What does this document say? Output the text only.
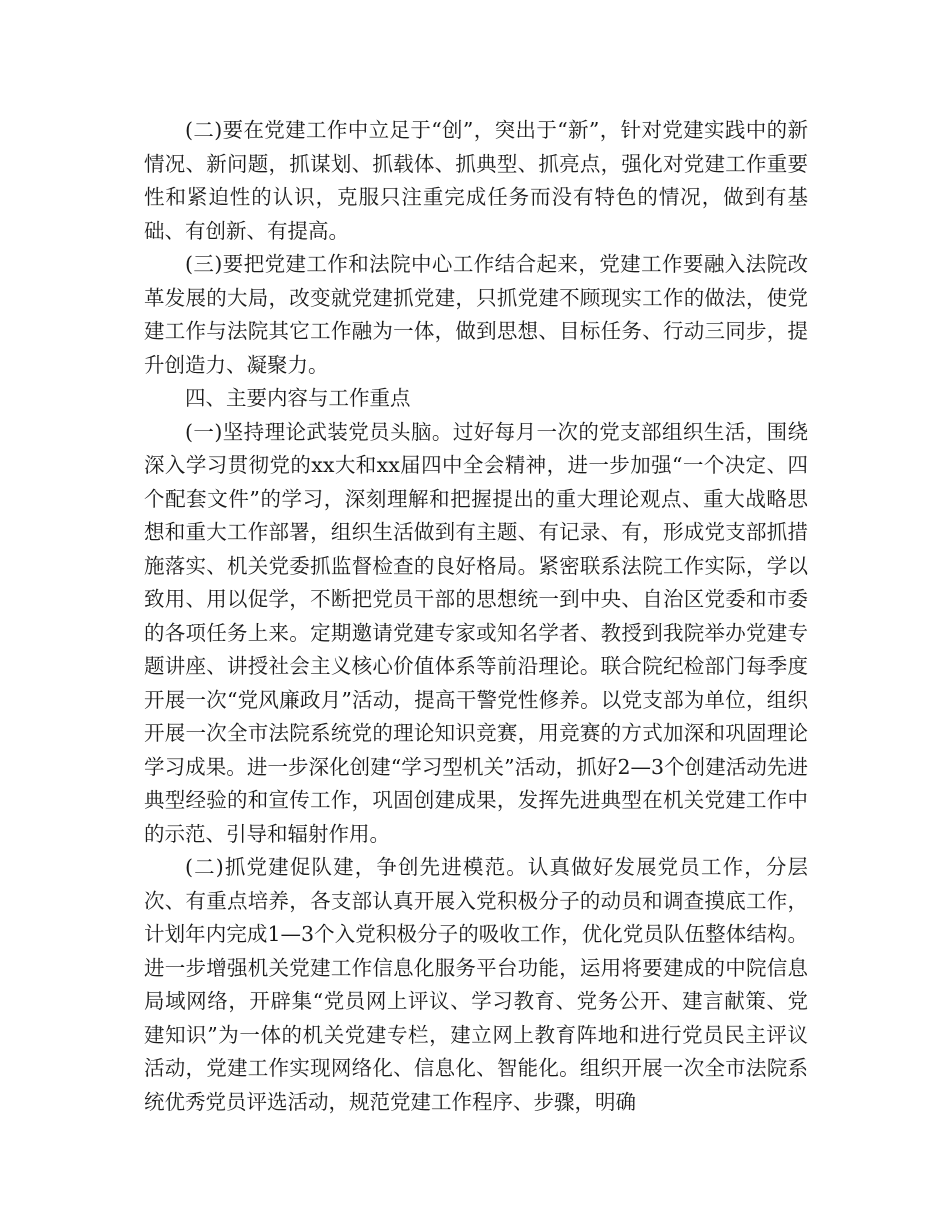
(二)要在党建工作中立足于“创”，突出于“新”，针对党建实践中的新情况、新问题，抓谋划、抓载体、抓典型、抓亮点，强化对党建工作重要性和紧迫性的认识，克服只注重完成任务而没有特色的情况，做到有基础、有创新、有提高。

(三)要把党建工作和法院中心工作结合起来，党建工作要融入法院改革发展的大局，改变就党建抓党建，只抓党建不顾现实工作的做法，使党建工作与法院其它工作融为一体，做到思想、目标任务、行动三同步，提升创造力、凝聚力。

四、主要内容与工作重点

(一)坚持理论武装党员头脑。过好每月一次的党支部组织生活，围绕深入学习贯彻党的xx大和xx届四中全会精神，进一步加强“一个决定、四个配套文件”的学习，深刻理解和把握提出的重大理论观点、重大战略思想和重大工作部署，组织生活做到有主题、有记录、有，形成党支部抓措施落实、机关党委抓监督检查的良好格局。紧密联系法院工作实际，学以致用、用以促学，不断把党员干部的思想统一到中央、自治区党委和市委的各项任务上来。定期邀请党建专家或知名学者、教授到我院举办党建专题讲座、讲授社会主义核心价值体系等前沿理论。联合院纪检部门每季度开展一次“党风廉政月”活动，提高干警党性修养。以党支部为单位，组织开展一次全市法院系统党的理论知识竞赛，用竞赛的方式加深和巩固理论学习成果。进一步深化创建“学习型机关”活动，抓好2—3个创建活动先进典型经验的和宣传工作，巩固创建成果，发挥先进典型在机关党建工作中的示范、引导和辐射作用。

(二)抓党建促队建，争创先进模范。认真做好发展党员工作，分层次、有重点培养，各支部认真开展入党积极分子的动员和调查摸底工作，计划年内完成1—3个入党积极分子的吸收工作，优化党员队伍整体结构。进一步增强机关党建工作信息化服务平台功能，运用将要建成的中院信息局域网络，开辟集“党员网上评议、学习教育、党务公开、建言献策、党建知识”为一体的机关党建专栏，建立网上教育阵地和进行党员民主评议活动，党建工作实现网络化、信息化、智能化。组织开展一次全市法院系统优秀党员评选活动，规范党建工作程序、步骤，明确
